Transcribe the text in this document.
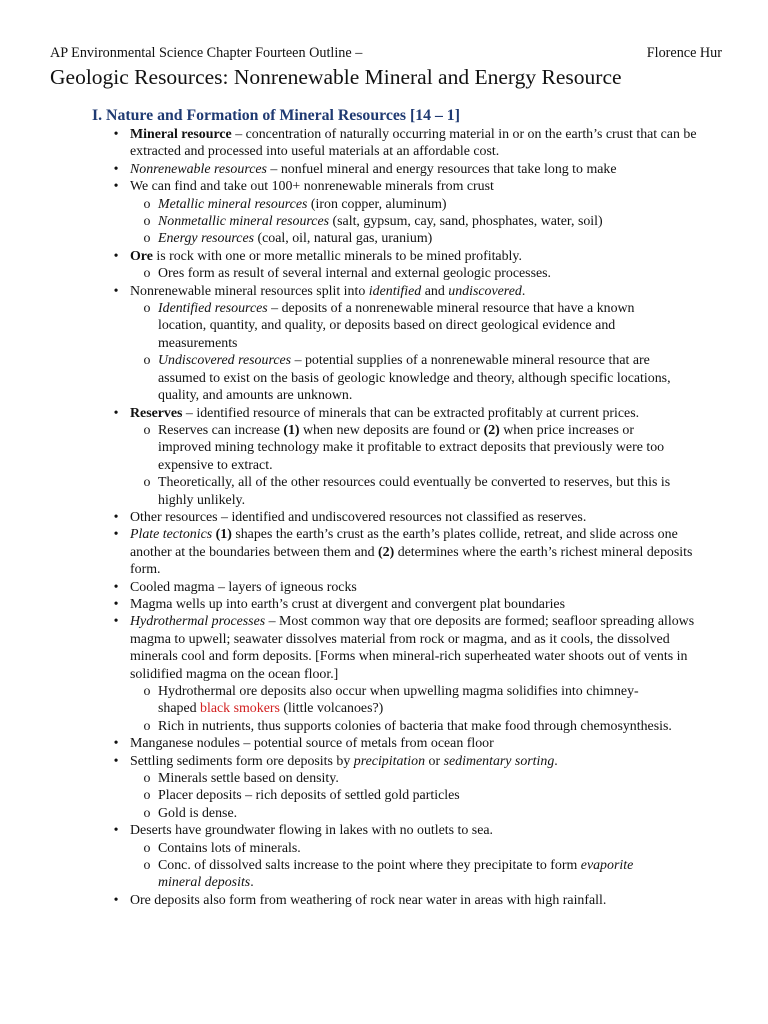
AP Environmental Science Chapter Fourteen Outline –	Florence Hur
Geologic Resources: Nonrenewable Mineral and Energy Resource
I. Nature and Formation of Mineral Resources [14 – 1]
• Mineral resource – concentration of naturally occurring material in or on the earth’s crust that can be extracted and processed into useful materials at an affordable cost.
• Nonrenewable resources – nonfuel mineral and energy resources that take long to make
• We can find and take out 100+ nonrenewable minerals from crust
o Metallic mineral resources (iron copper, aluminum)
o Nonmetallic mineral resources (salt, gypsum, cay, sand, phosphates, water, soil)
o Energy resources (coal, oil, natural gas, uranium)
• Ore is rock with one or more metallic minerals to be mined profitably.
o Ores form as result of several internal and external geologic processes.
• Nonrenewable mineral resources split into identified and undiscovered.
o Identified resources – deposits of a nonrenewable mineral resource that have a known location, quantity, and quality, or deposits based on direct geological evidence and measurements
o Undiscovered resources – potential supplies of a nonrenewable mineral resource that are assumed to exist on the basis of geologic knowledge and theory, although specific locations, quality, and amounts are unknown.
• Reserves – identified resource of minerals that can be extracted profitably at current prices.
o Reserves can increase (1) when new deposits are found or (2) when price increases or improved mining technology make it profitable to extract deposits that previously were too expensive to extract.
o Theoretically, all of the other resources could eventually be converted to reserves, but this is highly unlikely.
• Other resources – identified and undiscovered resources not classified as reserves.
• Plate tectonics (1) shapes the earth’s crust as the earth’s plates collide, retreat, and slide across one another at the boundaries between them and (2) determines where the earth’s richest mineral deposits form.
• Cooled magma – layers of igneous rocks
• Magma wells up into earth’s crust at divergent and convergent plat boundaries
• Hydrothermal processes – Most common way that ore deposits are formed; seafloor spreading allows magma to upwell; seawater dissolves material from rock or magma, and as it cools, the dissolved minerals cool and form deposits. [Forms when mineral-rich superheated water shoots out of vents in solidified magma on the ocean floor.]
o Hydrothermal ore deposits also occur when upwelling magma solidifies into chimney-shaped black smokers (little volcanoes?)
o Rich in nutrients, thus supports colonies of bacteria that make food through chemosynthesis.
• Manganese nodules – potential source of metals from ocean floor
• Settling sediments form ore deposits by precipitation or sedimentary sorting.
o Minerals settle based on density.
o Placer deposits – rich deposits of settled gold particles
o Gold is dense.
• Deserts have groundwater flowing in lakes with no outlets to sea.
o Contains lots of minerals.
o Conc. of dissolved salts increase to the point where they precipitate to form evaporite mineral deposits.
• Ore deposits also form from weathering of rock near water in areas with high rainfall.
